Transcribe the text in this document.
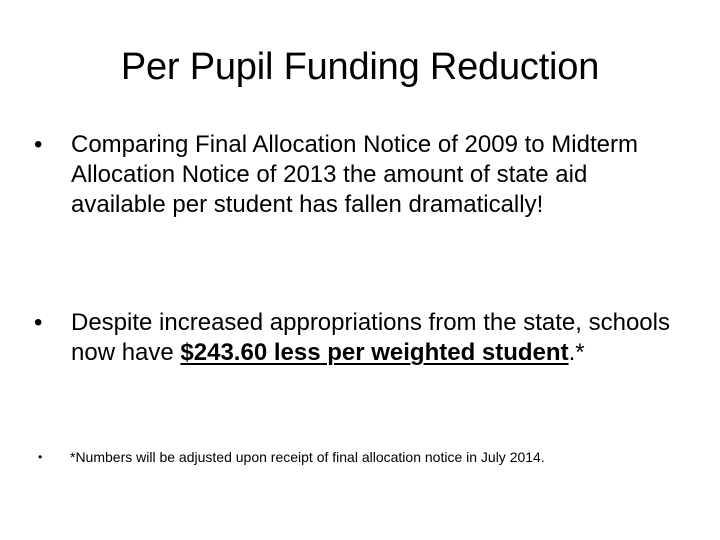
Per Pupil Funding Reduction
•	Comparing Final Allocation Notice of 2009 to Midterm Allocation Notice of 2013 the amount of state aid available per student has fallen dramatically!
•	Despite increased appropriations from the state, schools now have $243.60 less per weighted student.*
•	*Numbers will be adjusted upon receipt of final allocation notice in July 2014.
